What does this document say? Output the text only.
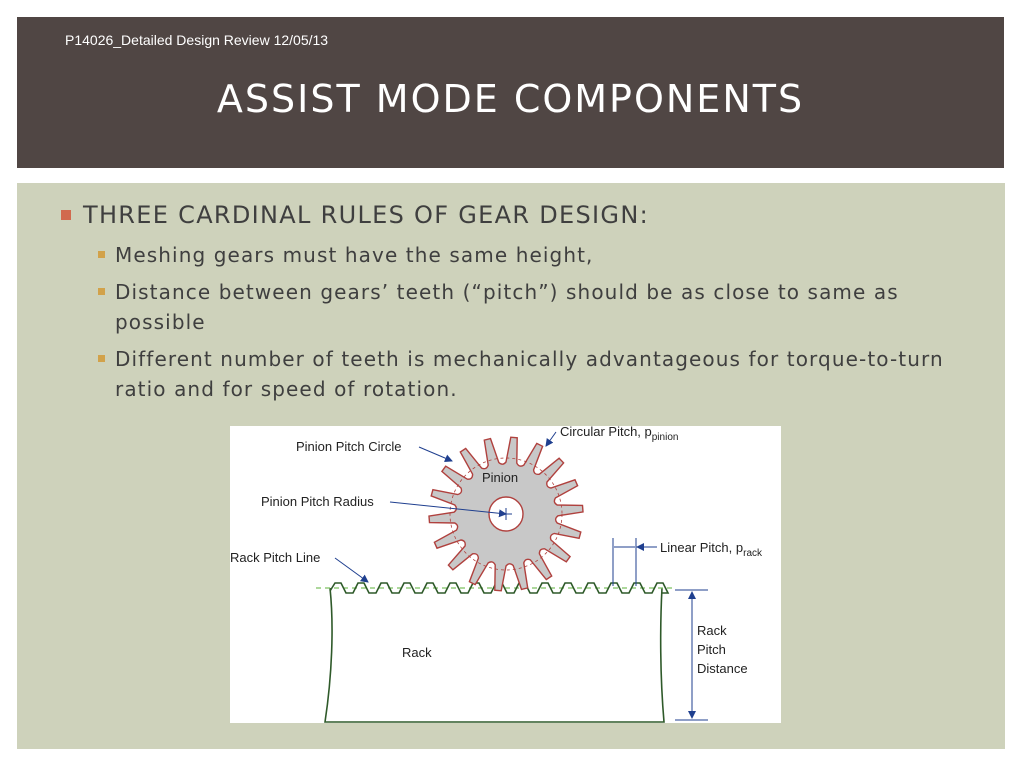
P14026_Detailed Design Review 12/05/13
ASSIST MODE COMPONENTS
THREE CARDINAL RULES OF GEAR DESIGN:
Meshing gears must have the same height,
Distance between gears’ teeth (“pitch”) should be as close to same as possible
Different number of teeth is mechanically advantageous for torque-to-turn ratio and for speed of rotation.
Pinion Pitch Circle
Circular Pitch, $p_{pinion}$
Pinion
Pinion Pitch Radius
Linear Pitch, $p_{rack}$
Rack Pitch Line
Rack
Rack
Pitch
Distance
